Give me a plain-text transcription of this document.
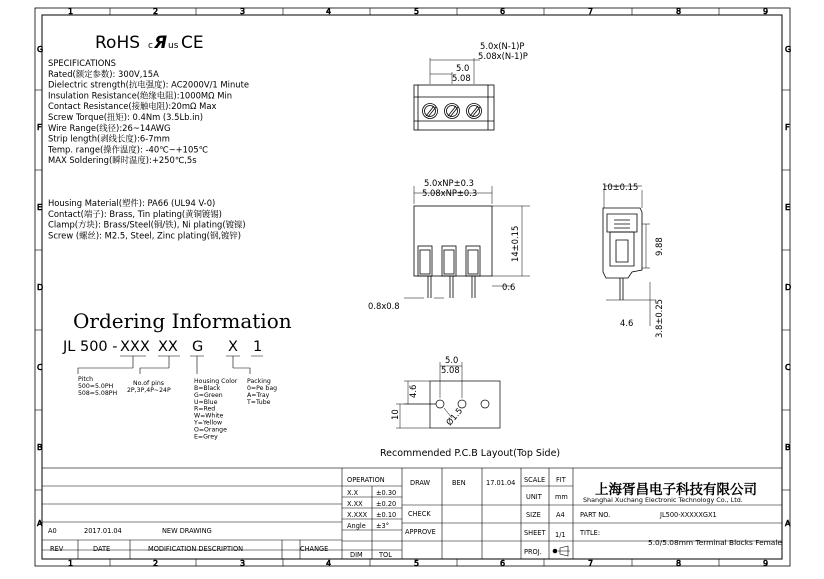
1
1
2
2
3
3
4
4
5
5
6
6
7
7
8
8
9
9
G	G
F	F
E	E
D	D
C	C
B	B
A	A
RoHS c Я us CE
SPECIFICATIONS
Rated(额定参数): 300V,15A
Dielectric strength(抗电强度): AC2000V/1 Minute
Insulation Resistance(绝缘电阻):1000MΩ Min
Contact Resistance(接触电阻):20mΩ Max
Screw Torque(扭矩): 0.4Nm (3.5Lb.in)
Wire Range(线径):26~14AWG
Strip length(剥线长度):6-7mm
Temp. range(操作温度): -40℃~+105℃
MAX Soldering(瞬时温度):+250℃,5s
Housing Material(塑件): PA66 (UL94 V-0)
Contact(端子): Brass, Tin plating(黄铜镀锡)
Clamp(方块): Brass/Steel(铜/铁), Ni plating(镀镍)
Screw (螺丝): M2.5, Steel, Zinc plating(钢,镀锌)
Ordering Information
JL 500 - XXX XX G X 1
Pitch
500=5.0PH
508=5.08PH
No.of pins
2P,3P,4P~24P
Housing Color
B=Black
G=Green
U=Blue
R=Red
W=White
Y=Yellow
O=Orange
E=Grey
Packing
0=Pe bag
A=Tray
T=Tube
5.0x(N-1)P
5.08x(N-1)P
5.0
5.08
5.0xNP±0.3
5.08xNP±0.3
14±0.15
0.6
0.8x0.8
10±0.15
9.88
3.8±0.25
4.6
5.0
5.08
4.6
10	Ø1.5
Recommended P.C.B Layout(Top Side)
OPERATION
X.X	±0.30
X.XX ±0.20
X.XXX ±0.10
Angle ±3°
DIM TOL
DRAW	BEN	17.01.04
CHECK
APPROVE
SCALE FIT
UNIT mm
SIZE A4
SHEET 1/1
PROJ.
上海胥昌电子科技有限公司
Shanghai Xuchang Electronic Technology Co., Ltd.
PART NO.	JL500-XXXXXGX1
TITLE:
5.0/5.08mm Terminal Blocks Female
A0	2017.01.04	NEW DRAWING
REV	DATE	MODIFICATION DESCRIPTION	CHANGE
